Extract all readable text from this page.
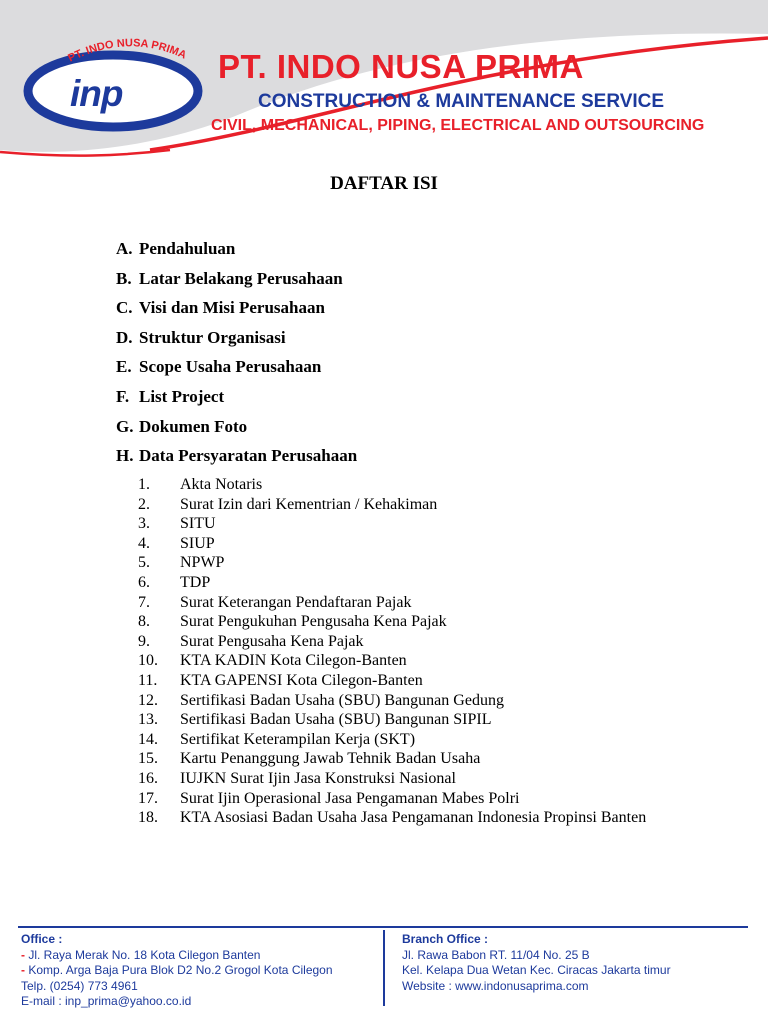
PT. INDO NUSA PRIMA
inp
PT. INDO NUSA PRIMA
CONSTRUCTION & MAINTENANCE SERVICE
CIVIL, MECHANICAL, PIPING, ELECTRICAL AND OUTSOURCING
DAFTAR ISI
A. Pendahuluan
B. Latar Belakang Perusahaan
C. Visi dan Misi Perusahaan
D. Struktur Organisasi
E. Scope Usaha Perusahaan
F. List Project
G. Dokumen Foto
H. Data Persyaratan Perusahaan
1.	Akta Notaris
2.	Surat Izin dari Kementrian / Kehakiman
3.	SITU
4.	SIUP
5.	NPWP
6.	TDP
7.	Surat Keterangan Pendaftaran Pajak
8.	Surat Pengukuhan Pengusaha Kena Pajak
9.	Surat Pengusaha Kena Pajak
10.	KTA KADIN Kota Cilegon-Banten
11.	KTA GAPENSI Kota Cilegon-Banten
12.	Sertifikasi Badan Usaha (SBU) Bangunan Gedung
13.	Sertifikasi Badan Usaha (SBU) Bangunan SIPIL
14.	Sertifikat Keterampilan Kerja (SKT)
15.	Kartu Penanggung Jawab Tehnik Badan Usaha
16.	IUJKN Surat Ijin Jasa Konstruksi Nasional
17.	Surat Ijin Operasional Jasa Pengamanan Mabes Polri
18.	KTA Asosiasi Badan Usaha Jasa Pengamanan Indonesia Propinsi Banten
Office :
- Jl. Raya Merak No. 18 Kota Cilegon Banten
- Komp. Arga Baja Pura Blok D2 No.2 Grogol Kota Cilegon
Telp. (0254) 773 4961
E-mail : inp_prima@yahoo.co.id
Branch Office :
Jl. Rawa Babon RT. 11/04 No. 25 B
Kel. Kelapa Dua Wetan Kec. Ciracas Jakarta timur
Website : www.indonusaprima.com
